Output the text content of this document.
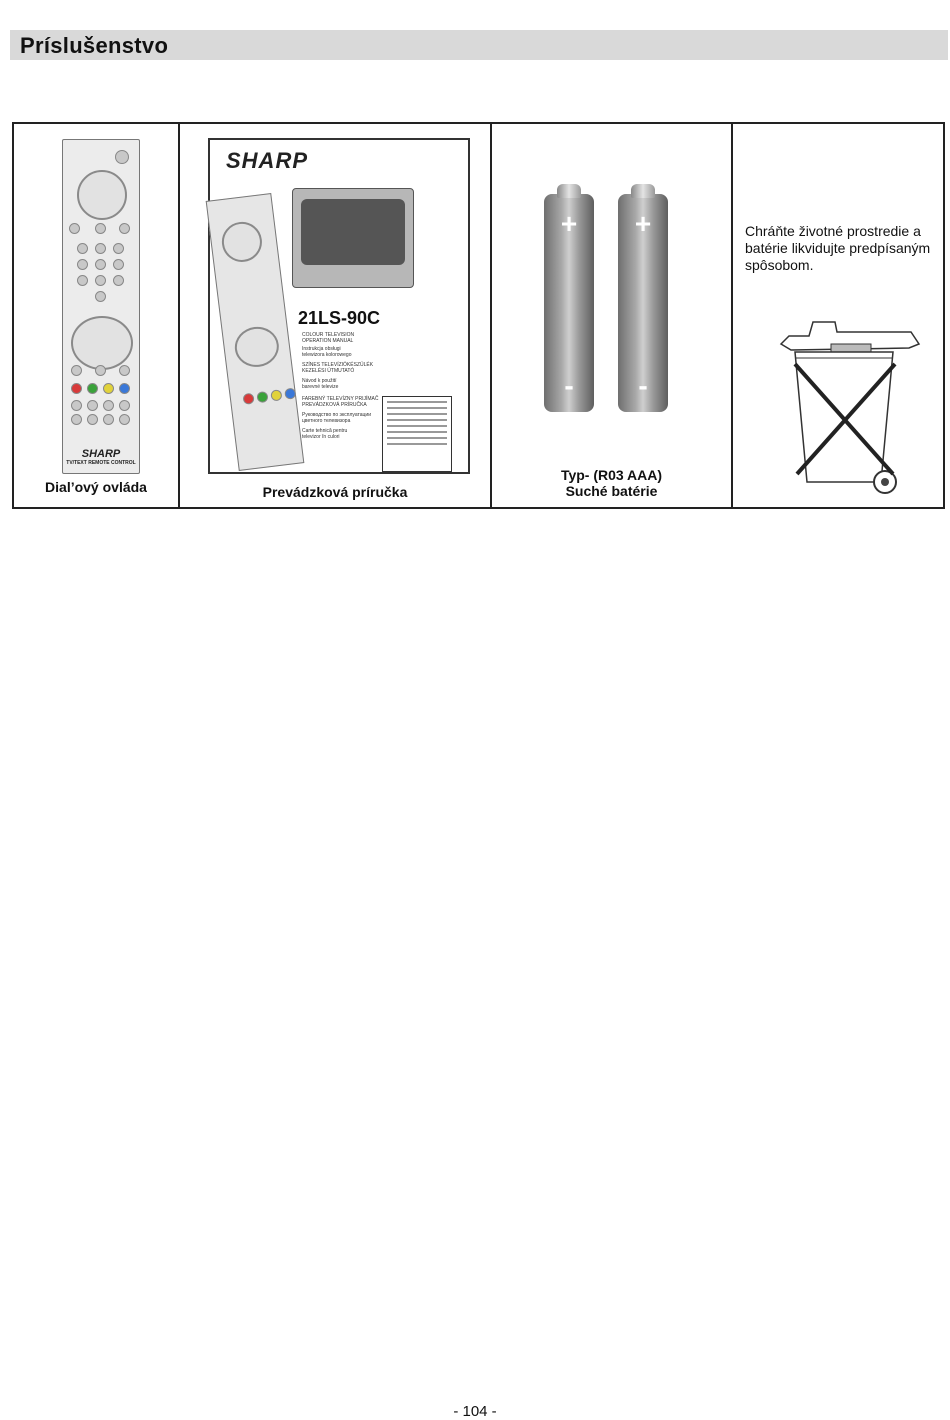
Príslušenstvo
SHARP
TV/TEXT REMOTE CONTROL
Dial’ový ovláda
SHARP
21LS-90C
COLOUR TELEVISION
OPERATION MANUAL
Instrukcja obsługi
telewizora kolorowego
SZÍNES TELEVÍZIÓKÉSZÜLÉK
KEZELÉSI ÚTMUTATÓ
Návod k použití
barevné televize
FAREBNÝ TELEVÍZNY PRIJÍMAČ
PREVÁDZKOVÁ PRÍRUČKA
Руководство по эксплуатации
цветного телевизора
Carte tehnică pentru
televizor în culori
Prevádzková príručka
+
-
+
-
Typ- (R03 AAA)
Suché batérie
Chráňte životné prostredie a batérie likvidujte predpísaným spôsobom.
- 104 -
